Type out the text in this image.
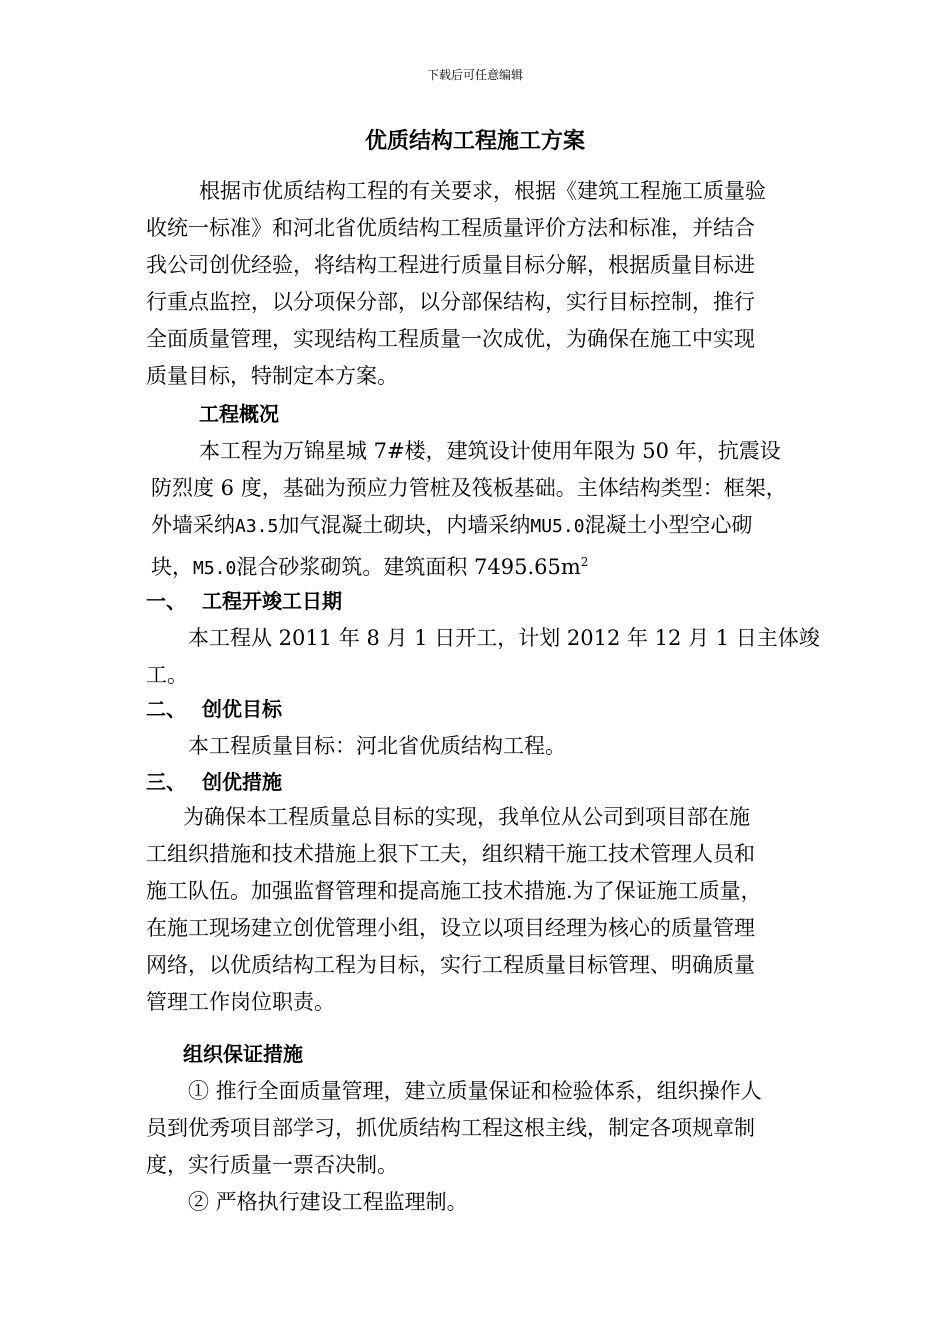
下载后可任意编辑
优质结构工程施工方案
根据市优质结构工程的有关要求，根据《建筑工程施工质量验
收统一标准》和河北省优质结构工程质量评价方法和标准，并结合
我公司创优经验，将结构工程进行质量目标分解，根据质量目标进
行重点监控，以分项保分部，以分部保结构，实行目标控制，推行
全面质量管理，实现结构工程质量一次成优，为确保在施工中实现
质量目标，特制定本方案。
工程概况
本工程为万锦星城 7#楼，建筑设计使用年限为 50 年，抗震设
防烈度 6 度，基础为预应力管桩及筏板基础。主体结构类型：框架，
外墙采纳A3.5加气混凝土砌块，内墙采纳MU5.0混凝土小型空心砌
块，M5.0混合砂浆砌筑。建筑面积 $7495.65m^2$
一、 工程开竣工日期
本工程从 2011 年 8 月 1 日开工，计划 2012 年 12 月 1 日主体竣
工。
二、 创优目标
本工程质量目标：河北省优质结构工程。
三、 创优措施
为确保本工程质量总目标的实现，我单位从公司到项目部在施
工组织措施和技术措施上狠下工夫，组织精干施工技术管理人员和
施工队伍。加强监督管理和提高施工技术措施.为了保证施工质量，
在施工现场建立创优管理小组，设立以项目经理为核心的质量管理
网络，以优质结构工程为目标，实行工程质量目标管理、明确质量
管理工作岗位职责。
组织保证措施
① 推行全面质量管理，建立质量保证和检验体系，组织操作人
员到优秀项目部学习，抓优质结构工程这根主线，制定各项规章制
度，实行质量一票否决制。
② 严格执行建设工程监理制。
